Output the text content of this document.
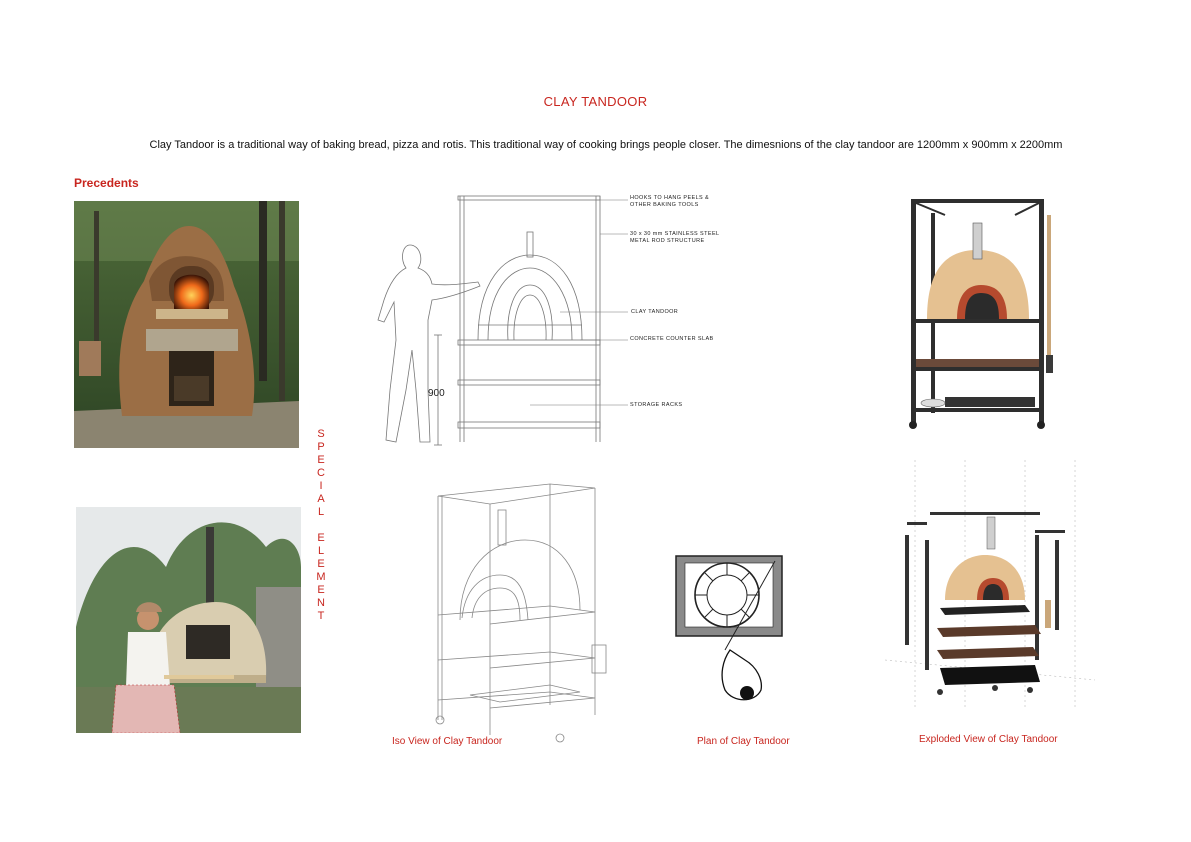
CLAY TANDOOR
Clay Tandoor is a traditional way of baking bread, pizza and rotis. This traditional way of cooking brings people closer. The dimesnions of the clay tandoor are 1200mm x 900mm x 2200mm
Precedents
S
P
E
C
I
A
L
E
L
E
M
E
N
T
900
HOOKS TO HANG PEELS &
OTHER BAKING TOOLS
30 x 30 mm STAINLESS STEEL
METAL ROD STRUCTURE
CLAY TANDOOR
CONCRETE COUNTER SLAB
STORAGE RACKS
Iso View of Clay Tandoor	Plan of Clay Tandoor	Exploded View of Clay Tandoor
